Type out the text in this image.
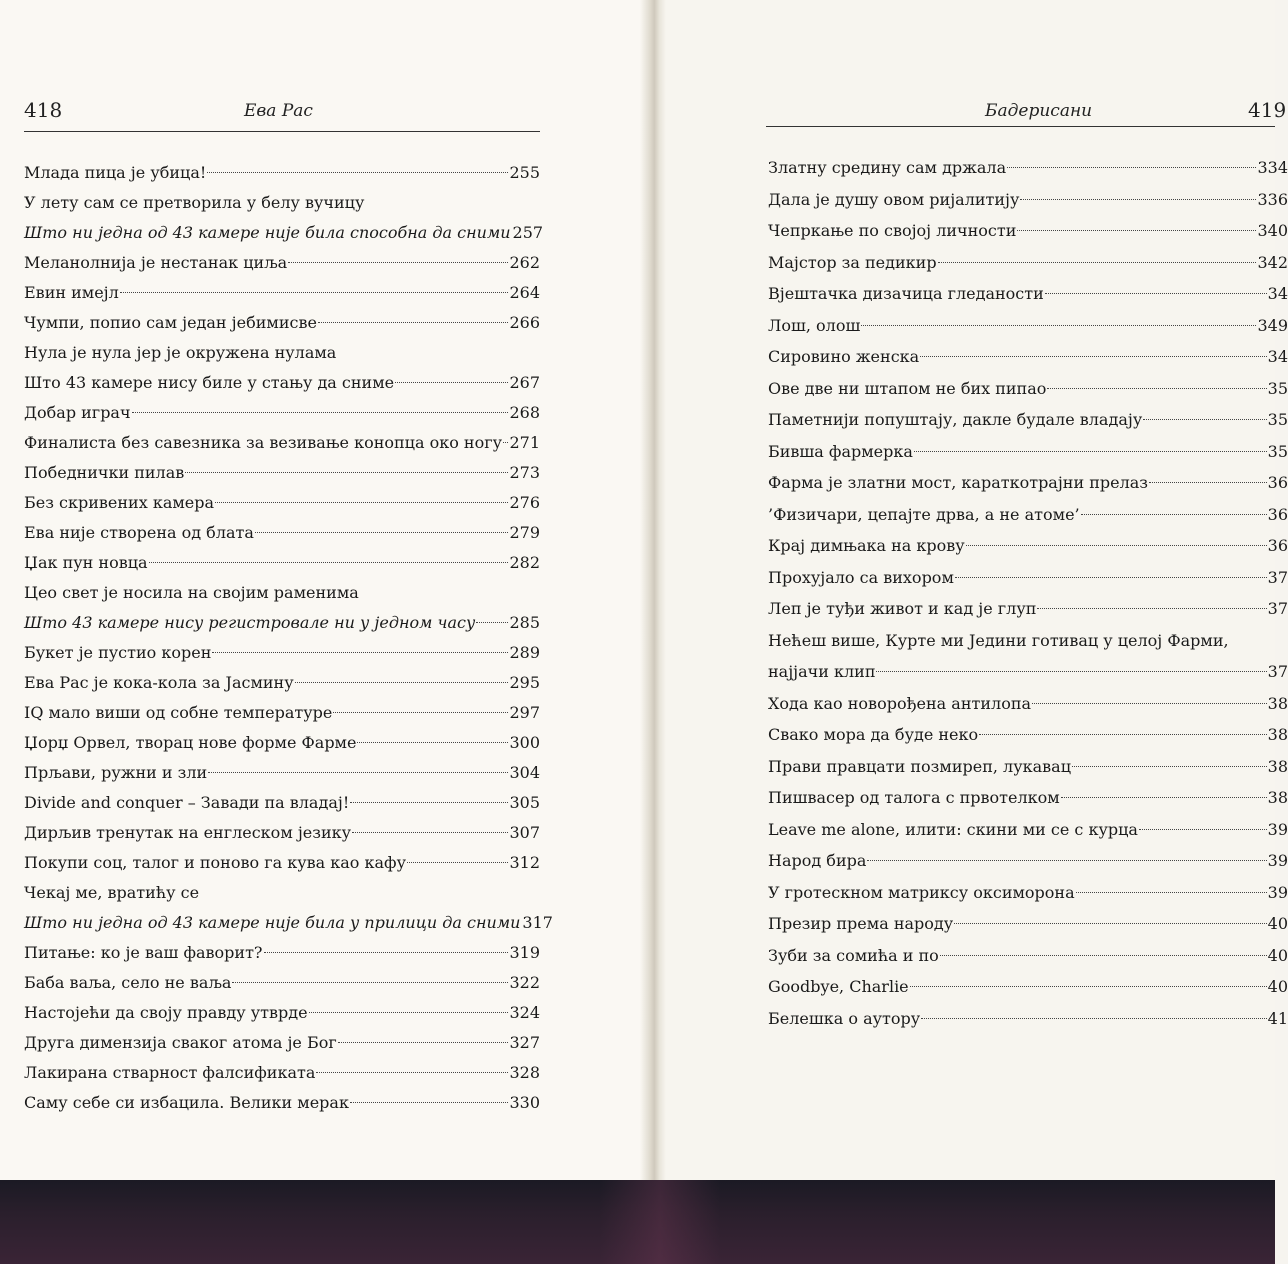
418	Ева Рас	Бадерисани	419
Млада пица је убица!	255
У лету сам се претворила у белу вучицу
Што ни једна од 43 камере није била способна да сними 257
Меланолнија је нестанак циља	262
Евин имејл	264
Чумпи, попио сам један јебимисве	266
Нула је нула јер је окружена нулама
Што 43 камере нису биле у стању да сниме	267
Добар играч	268
Финалиста без савезника за везивање конопца око ногу 271
Победнички пилав	273
Без скривених камера	276
Ева није створена од блата	279
Џак пун новца	282
Цео свет је носила на својим раменима
Што 43 камере нису регистровале ни у једном часу 285
Букет је пустио корен	289
Ева Рас је кока-кола за Јасмину	295
IQ мало виши од собне температуре	297
Џорџ Орвел, творац нове форме Фарме	300
Прљави, ружни и зли	304
Divide and conquer – Завади па владај!	305
Дирљив тренутак на енглеском језику	307
Покупи соц, талог и поново га кува као кафу	312
Чекај ме, вратићу се
Што ни једна од 43 камере није била у прилици да сними 317
Питање: ко је ваш фаворит?	319
Баба ваља, село не ваља	322
Настојећи да своју правду утврде	324
Друга димензија сваког атома је Бог	327
Лакирана стварност фалсификата	328
Саму себе си избацила. Велики мерак	330
Златну средину сам држала	334
Дала је душу овом ријалитију	336
Чепркање по својој личности	340
Мајстор за педикир	342
Вјештачка дизачица гледаности	34
Лош, олош	349
Сировино женска	34
Ове две ни штапом не бих пипао	35
Паметнији попуштају, дакле будале владају	35
Бивша фармерка	35
Фарма је златни мост, караткотрајни прелаз	36
’Физичари, цепајте дрва, а не атоме’	36
Крај димњака на крову	36
Прохујало са вихором	37
Леп је туђи живот и кад је глуп	37
Нећеш више, Курте ми Једини готивац у целој Фарми,
најјачи клип	37
Хода као новорођена антилопа	38
Свако мора да буде неко	38
Прави правцати позмиреп, лукавац	38
Пишвасер од талога с првотелком	38
Leave me alone, илити: скини ми се с курца	39
Народ бира	39
У гротескном матриксу оксиморона	39
Презир према народу	40
Зуби за сомића и по	40
Goodbye, Charlie	40
Белешка о аутору	41
